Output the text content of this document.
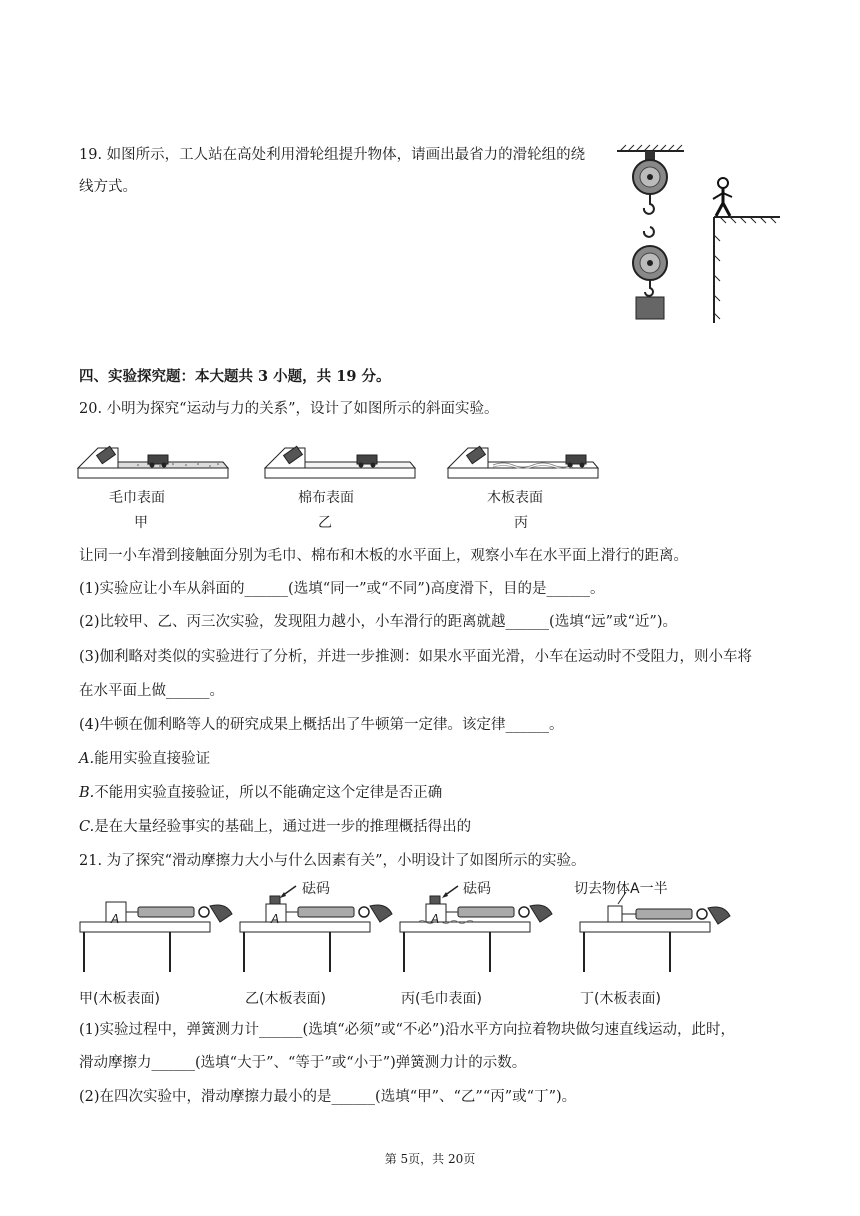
19. 如图所示，工人站在高处利用滑轮组提升物体，请画出最省力的滑轮组的绕
线方式。
四、实验探究题：本大题共 3 小题，共 19 分。
20. 小明为探究“运动与力的关系”，设计了如图所示的斜面实验。
毛巾表面
甲
棉布表面
乙
木板表面
丙
让同一小车滑到接触面分别为毛巾、棉布和木板的水平面上，观察小车在水平面上滑行的距离。
(1)实验应让小车从斜面的______(选填“同一”或“不同”)高度滑下，目的是______。
(2)比较甲、乙、丙三次实验，发现阻力越小，小车滑行的距离就越______(选填“远”或“近”)。
(3)伽利略对类似的实验进行了分析，并进一步推测：如果水平面光滑，小车在运动时不受阻力，则小车将
在水平面上做______。
(4)牛顿在伽利略等人的研究成果上概括出了牛顿第一定律。该定律______。
A.能用实验直接验证
B.不能用实验直接验证，所以不能确定这个定律是否正确
C.是在大量经验事实的基础上，通过进一步的推理概括得出的
21. 为了探究“滑动摩擦力大小与什么因素有关”，小明设计了如图所示的实验。
A	A	A
砝码	砝码	切去物体A一半
甲(木板表面)	乙(木板表面)	丙(毛巾表面)	丁(木板表面)
(1)实验过程中，弹簧测力计______(选填“必须”或“不必”)沿水平方向拉着物块做匀速直线运动，此时，
滑动摩擦力______(选填“大于”、“等于”或“小于”)弹簧测力计的示数。
(2)在四次实验中，滑动摩擦力最小的是______(选填“甲”、“乙”“丙”或“丁”)。
第 5页，共 20页
